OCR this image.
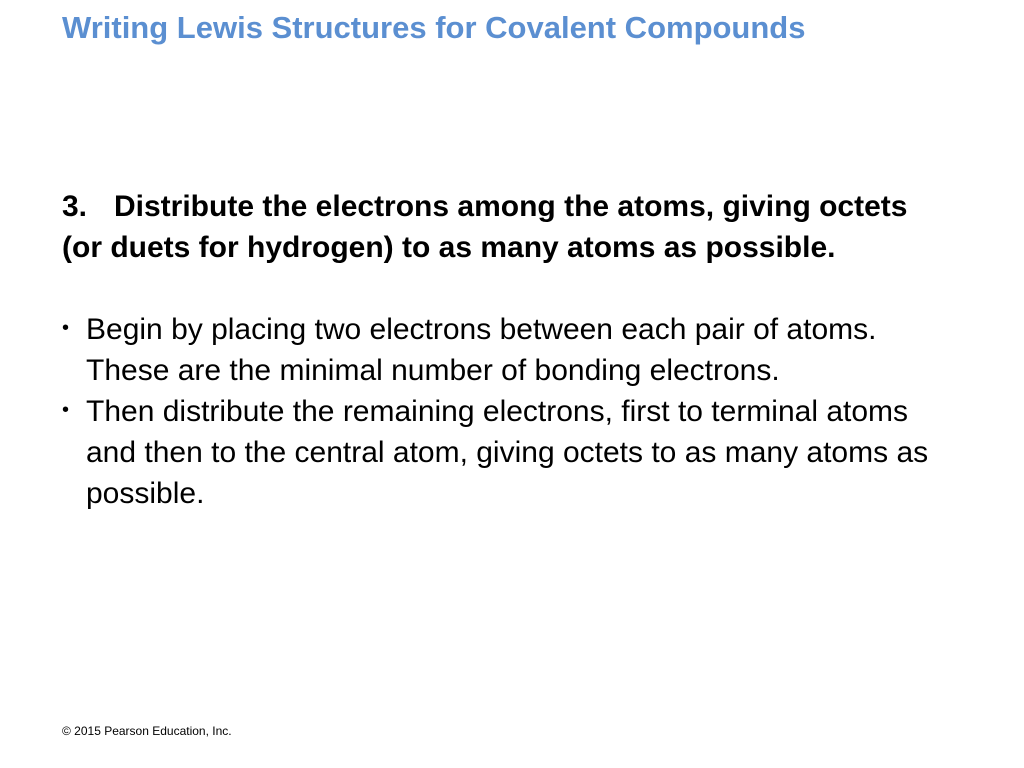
Writing Lewis Structures for Covalent Compounds
3. Distribute the electrons among the atoms, giving octets (or duets for hydrogen) to as many atoms as possible.
• Begin by placing two electrons between each pair of atoms. These are the minimal number of bonding electrons.
• Then distribute the remaining electrons, first to terminal atoms and then to the central atom, giving octets to as many atoms as possible.
© 2015 Pearson Education, Inc.
